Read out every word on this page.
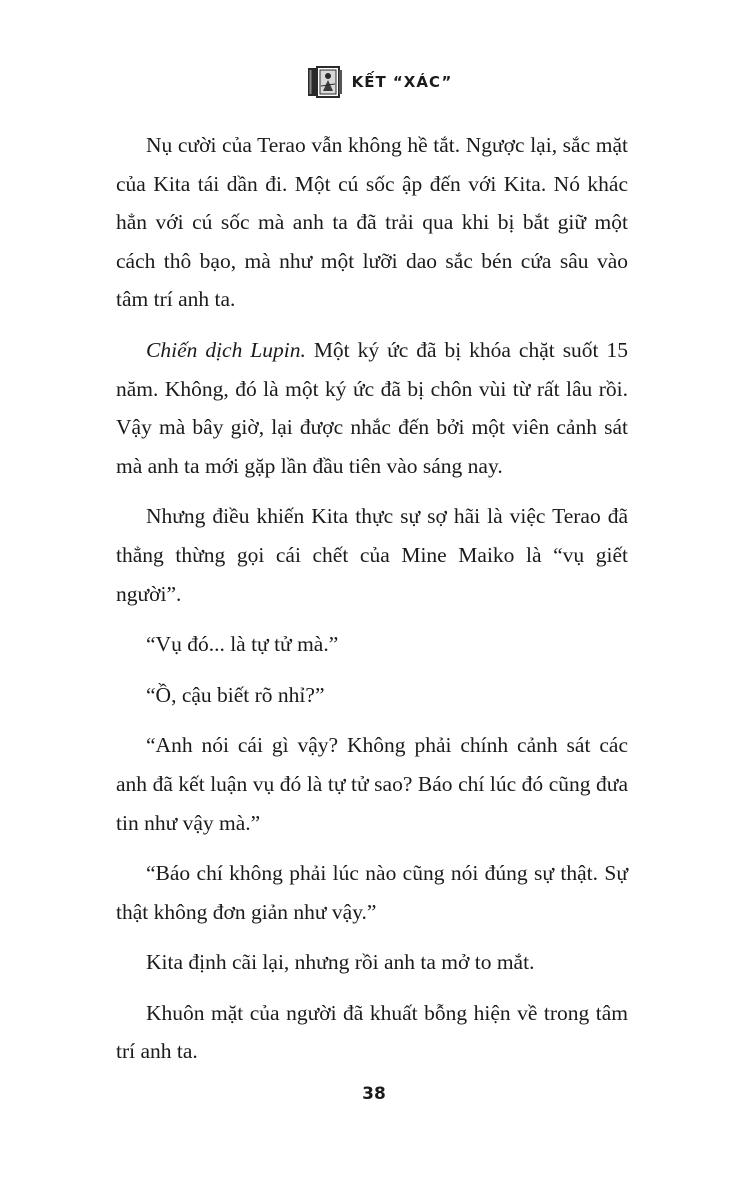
KẾT “XÁC”

Nụ cười của Terao vẫn không hề tắt. Ngược lại, sắc mặt của Kita tái dần đi. Một cú sốc ập đến với Kita. Nó khác hẳn với cú sốc mà anh ta đã trải qua khi bị bắt giữ một cách thô bạo, mà như một lưỡi dao sắc bén cứa sâu vào tâm trí anh ta.

Chiến dịch Lupin. Một ký ức đã bị khóa chặt suốt 15 năm. Không, đó là một ký ức đã bị chôn vùi từ rất lâu rồi. Vậy mà bây giờ, lại được nhắc đến bởi một viên cảnh sát mà anh ta mới gặp lần đầu tiên vào sáng nay.

Nhưng điều khiến Kita thực sự sợ hãi là việc Terao đã thẳng thừng gọi cái chết của Mine Maiko là “vụ giết người”.

“Vụ đó... là tự tử mà.”

“Ồ, cậu biết rõ nhỉ?”

“Anh nói cái gì vậy? Không phải chính cảnh sát các anh đã kết luận vụ đó là tự tử sao? Báo chí lúc đó cũng đưa tin như vậy mà.”

“Báo chí không phải lúc nào cũng nói đúng sự thật. Sự thật không đơn giản như vậy.”

Kita định cãi lại, nhưng rồi anh ta mở to mắt.

Khuôn mặt của người đã khuất bỗng hiện về trong tâm trí anh ta.

38
